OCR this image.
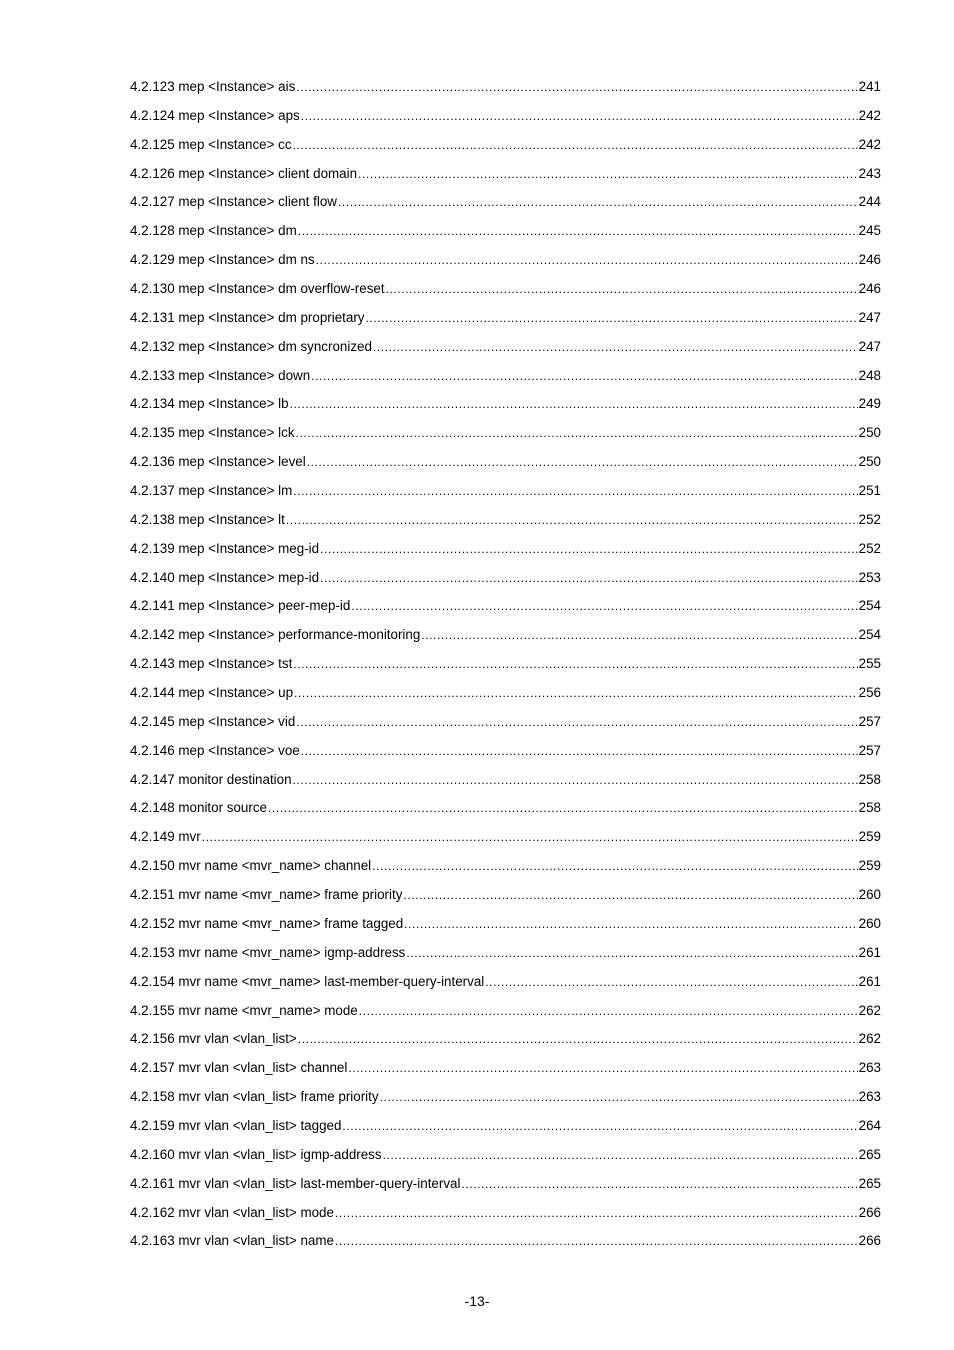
4.2.123 mep <Instance> ais .....	241
4.2.124 mep <Instance> aps .....	242
4.2.125 mep <Instance> cc .....	242
4.2.126 mep <Instance> client domain .....	243
4.2.127 mep <Instance> client flow .....	244
4.2.128 mep <Instance> dm .....	245
4.2.129 mep <Instance> dm ns .....	246
4.2.130 mep <Instance> dm overflow-reset .....	246
4.2.131 mep <Instance> dm proprietary .....	247
4.2.132 mep <Instance> dm syncronized .....	247
4.2.133 mep <Instance> down .....	248
4.2.134 mep <Instance> lb .....	249
4.2.135 mep <Instance> lck .....	250
4.2.136 mep <Instance> level .....	250
4.2.137 mep <Instance> lm .....	251
4.2.138 mep <Instance> lt .....	252
4.2.139 mep <Instance> meg-id .....	252
4.2.140 mep <Instance> mep-id .....	253
4.2.141 mep <Instance> peer-mep-id .....	254
4.2.142 mep <Instance> performance-monitoring .....	254
4.2.143 mep <Instance> tst .....	255
4.2.144 mep <Instance> up .....	256
4.2.145 mep <Instance> vid .....	257
4.2.146 mep <Instance> voe .....	257
4.2.147 monitor destination .....	258
4.2.148 monitor source .....	258
4.2.149 mvr .....	259
4.2.150 mvr name <mvr_name> channel .....	259
4.2.151 mvr name <mvr_name> frame priority .....	260
4.2.152 mvr name <mvr_name> frame tagged .....	260
4.2.153 mvr name <mvr_name> igmp-address .....	261
4.2.154 mvr name <mvr_name> last-member-query-interval .....	261
4.2.155 mvr name <mvr_name> mode .....	262
4.2.156 mvr vlan <vlan_list> .....	262
4.2.157 mvr vlan <vlan_list> channel .....	263
4.2.158 mvr vlan <vlan_list> frame priority .....	263
4.2.159 mvr vlan <vlan_list> tagged .....	264
4.2.160 mvr vlan <vlan_list> igmp-address .....	265
4.2.161 mvr vlan <vlan_list> last-member-query-interval .....	265
4.2.162 mvr vlan <vlan_list> mode .....	266
4.2.163 mvr vlan <vlan_list> name .....	266
-13-
